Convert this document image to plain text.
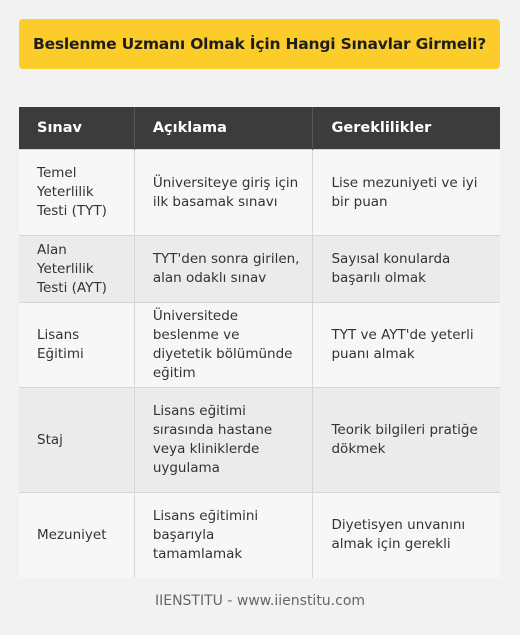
Beslenme Uzmanı Olmak İçin Hangi Sınavlar Girmeli?
Sınav	Açıklama	Gereklilikler
Temel Yeterlilik Testi (TYT)	Üniversiteye giriş için ilk basamak sınavı	Lise mezuniyeti ve iyi bir puan
Alan Yeterlilik Testi (AYT)	TYT'den sonra girilen, alan odaklı sınav	Sayısal konularda başarılı olmak
Lisans Eğitimi	Üniversitede beslenme ve diyetetik bölümünde eğitim	TYT ve AYT'de yeterli puanı almak
Staj	Lisans eğitimi sırasında hastane veya kliniklerde uygulama	Teorik bilgileri pratiğe dökmek
Mezuniyet	Lisans eğitimini başarıyla tamamlamak	Diyetisyen unvanını almak için gerekli
IIENSTITU - www.iienstitu.com
